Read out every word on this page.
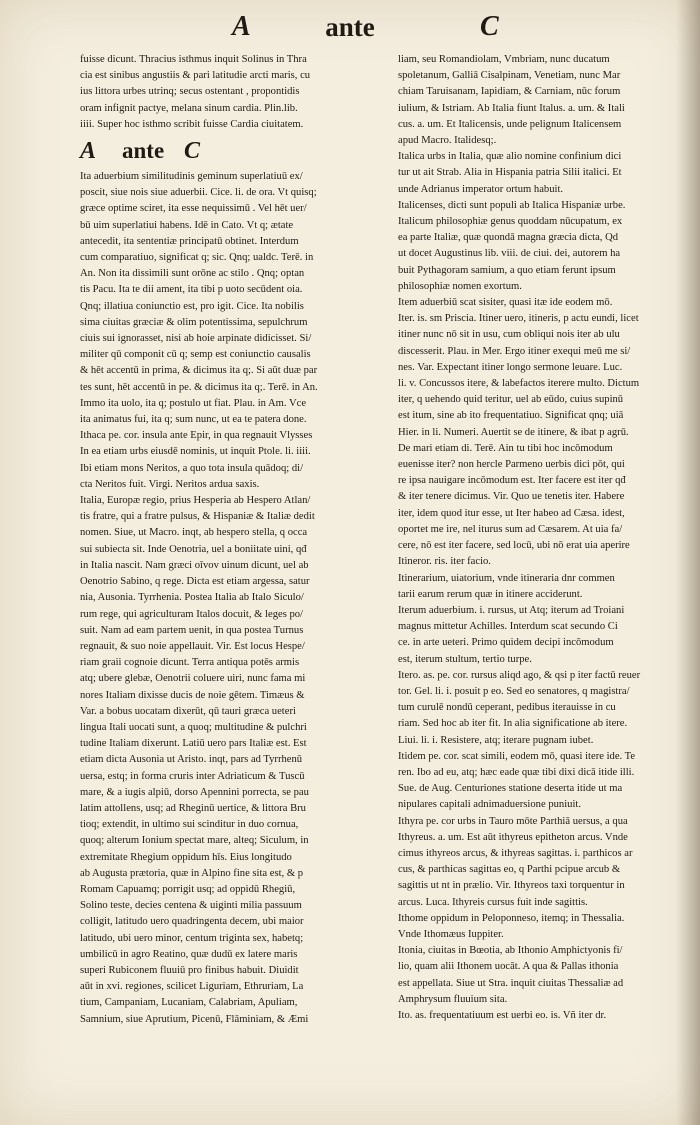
A	ante	C
fuisse dicunt. Thracius isthmus inquit Solinus in Thra
cia est sinibus angustiis & pari latitudie arcti maris, cu
ius littora urbes utrinq; secus ostentant , propontidis
oram infignit pactye, melana sinum cardia. Plin.lib.
iiii. Super hoc isthmo scribit fuisse Cardia ciuitatem.
A ante C
Ita aduerbium similitudinis geminum superlatiuū ex/
poscit, siue nois siue aduerbii. Cice. li. de ora. Vt quisq;
græce optime sciret, ita esse nequissimū . Vel hēt uer/
bū uim superlatiui habens. Idē in Cato. Vt q; ætate
antecedit, ita sententiæ principatū obtinet. Interdum
cum comparatiuo, significat q; sic. Qnq; ualdc. Terē. in
An. Non ita dissimili sunt orōne ac stilo . Qnq; optan
tis Pacu. Ita te dii ament, ita tibi p uoto secūdent oia.
Qnq; illatiua coniunctio est, pro igit. Cice. Ita nobilis
sima ciuitas græciæ & olim potentissima, sepulchrum
ciuis sui ignorasset, nisi ab hoie arpinate didicisset. Si/
militer qū componit cū q; semp est coniunctio causalis
& hēt accentū in prima, & dicimus ita q;. Si aūt duæ par
tes sunt, hēt accentū in pe. & dicimus ita q;. Terē. in An.
Immo ita uolo, ita q; postulo ut fiat. Plau. in Am. Vce
ita animatus fui, ita q; sum nunc, ut ea te patera done.
Ithaca pe. cor. insula ante Epir, in qua regnauit Vlysses
In ea etiam urbs eiusdē nominis, ut inquit Ptole. li. iiii.
Ibi etiam mons Neritos, a quo tota insula quādoq; di/
cta Neritos fuit. Virgi. Neritos ardua saxis.
Italia, Europæ regio, prius Hesperia ab Hespero Atlan/
tis fratre, qui a fratre pulsus, & Hispaniæ & Italiæ dedit
nomen. Siue, ut Macro. inqt, ab hespero stella, q occa
sui subiecta sit. Inde Oenotria, uel a boniitate uini, qđ
in Italia nascit. Nam græci oīvov uinum dicunt, uel ab
Oenotrio Sabino, q rege. Dicta est etiam argessa, satur
nia, Ausonia. Tyrrhenia. Postea Italia ab Italo Siculo/
rum rege, qui agriculturam Italos docuit, & leges po/
suit. Nam ad eam partem uenit, in qua postea Turnus
regnauit, & suo noie appellauit. Vir. Est locus Hespe/
riam graii cognoie dicunt. Terra antiqua potēs armis
atq; ubere glebæ, Oenotrii coluere uiri, nunc fama mi
nores Italiam dixisse ducis de noie gētem. Timæus &
Var. a bobus uocatam dixerūt, qū tauri græca ueteri
lingua Itali uocati sunt, a quoq; multitudine & pulchri
tudine Italiam dixerunt. Latiū uero pars Italiæ est. Est
etiam dicta Ausonia ut Aristo. inqt, pars ad Tyrrhenū
uersa, estq; in forma cruris inter Adriaticum & Tuscū
mare, & a iugis alpiū, dorso Apennini porrecta, se pau
latim attollens, usq; ad Rheginū uertice, & littora Bru
tioq; extendit, in ultimo sui scinditur in duo cornua,
quoq; alterum Ionium spectat mare, alteq; Siculum, in
extremitate Rhegium oppidum hīs. Eius longitudo
ab Augusta prætoria, quæ in Alpino fine sita est, & p
Romam Capuamq; porrigit usq; ad oppidū Rhegiū,
Solino teste, decies centena & uiginti milia passuum
colligit, latitudo uero quadringenta decem, ubi maior
latitudo, ubi uero minor, centum triginta sex, habetq;
umbilicū in agro Reatino, quæ dudū ex latere maris
superi Rubiconem fluuiū pro finibus habuit. Diuidit
aūt in xvi. regiones, scilicet Liguriam, Ethruriam, La
tium, Campaniam, Lucaniam, Calabriam, Apuliam,
Samnium, siue Aprutium, Picenū, Flāminiam, & Æmi
liam, seu Romandiolam, Vmbriam, nunc ducatum
spoletanum, Galliā Cisalpinam, Venetiam, nunc Mar
chiam Taruisanam, Iapidiam, & Carniam, nūc forum
iulium, & Istriam. Ab Italia fiunt Italus. a. um. & Itali
cus. a. um. Et Italicensis, unde pelignum Italicensem
apud Macro. Italidesq;.
Italica urbs in Italia, quæ alio nomine confinium dici
tur ut ait Strab. Alia in Hispania patria Silii italici. Et
unde Adrianus imperator ortum habuit.
Italicenses, dicti sunt populi ab Italica Hispaniæ urbe.
Italicum philosophiæ genus quoddam nūcupatum, ex
ea parte Italiæ, quæ quondā magna græcia dicta, Qd
ut docet Augustinus lib. viii. de ciui. dei, autorem ha
buit Pythagoram samium, a quo etiam ferunt ipsum
philosophiæ nomen exortum.
Item aduerbiū scat sisiter, quasi itæ ide eodem mō.
Iter. is. sm Priscia. Itiner uero, itineris, p actu eundi, licet
itiner nunc nō sit in usu, cum obliqui nois iter ab ulu
discesserit. Plau. in Mer. Ergo itiner exequi meū me si/
nes. Var. Expectant itiner longo sermone leuare. Luc.
li. v. Concussos itere, & labefactos iterere multo. Dictum
iter, q uehendo quid teritur, uel ab eūdo, cuius supinū
est itum, sine ab ito frequentatiuo. Significat qnq; uiā
Hier. in li. Numeri. Auertit se de itinere, & ibat p agrū.
De mari etiam di. Terē. Ain tu tibi hoc incōmodum
euenisse iter? non hercle Parmeno uerbis dici pōt, qui
re ipsa nauigare incōmodum est. Iter facere est iter qđ
& iter tenere dicimus. Vir. Quo ue tenetis iter. Habere
iter, idem quod itur esse, ut Iter habeo ad Cæsa. idest,
oportet me ire, nel iturus sum ad Cæsarem. At uia fa/
cere, nō est iter facere, sed locū, ubi nō erat uia aperire
Itineror. ris. iter facio.
Itinerarium, uiatorium, vnde itineraria dnr commen
tarii earum rerum quæ in itinere acciderunt.
Iterum aduerbium. i. rursus, ut Atq; iterum ad Troiani
magnus mittetur Achilles. Interdum scat secundo Ci
ce. in arte ueteri. Primo quidem decipi incōmodum
est, iterum stultum, tertio turpe.
Itero. as. pe. cor. rursus aliqd ago, & qsi p iter factū reuer
tor. Gel. li. i. posuit p eo. Sed eo senatores, q magistra/
tum curulē nondū ceperant, pedibus iterauisse in cu
riam. Sed hoc ab iter fit. In alia significatione ab itere.
Liui. li. i. Resistere, atq; iterare pugnam iubet.
Itidem pe. cor. scat simili, eodem mō, quasi itere ide. Te
ren. Ibo ad eu, atq; hæc eade quæ tibi dixi dicā itide illi.
Sue. de Aug. Centuriones statione deserta itide ut ma
nipulares capitali adnimaduersione puniuit.
Ithyra pe. cor urbs in Tauro mōte Parthiā uersus, a qua
Ithyreus. a. um. Est aūt ithyreus epitheton arcus. Vnde
cimus ithyreos arcus, & ithyreas sagittas. i. parthicos ar
cus, & parthicas sagittas eo, q Parthi pcipue arcub &
sagittis ut nt in prælio. Vir. Ithyreos taxi torquentur in
arcus. Luca. Ithyreis cursus fuit inde sagittis.
Ithome oppidum in Peloponneso, itemq; in Thessalia.
Vnde Ithomæus Iuppiter.
Itonia, ciuitas in Bœotia, ab Ithonio Amphictyonis fi/
lio, quam alii Ithonem uocāt. A qua & Pallas ithonia
est appellata. Siue ut Stra. inquit ciuitas Thessaliæ ad
Amphrysum fluuium sita.
Ito. as. frequentatiuum est uerbi eo. is. Vñ iter dr.
